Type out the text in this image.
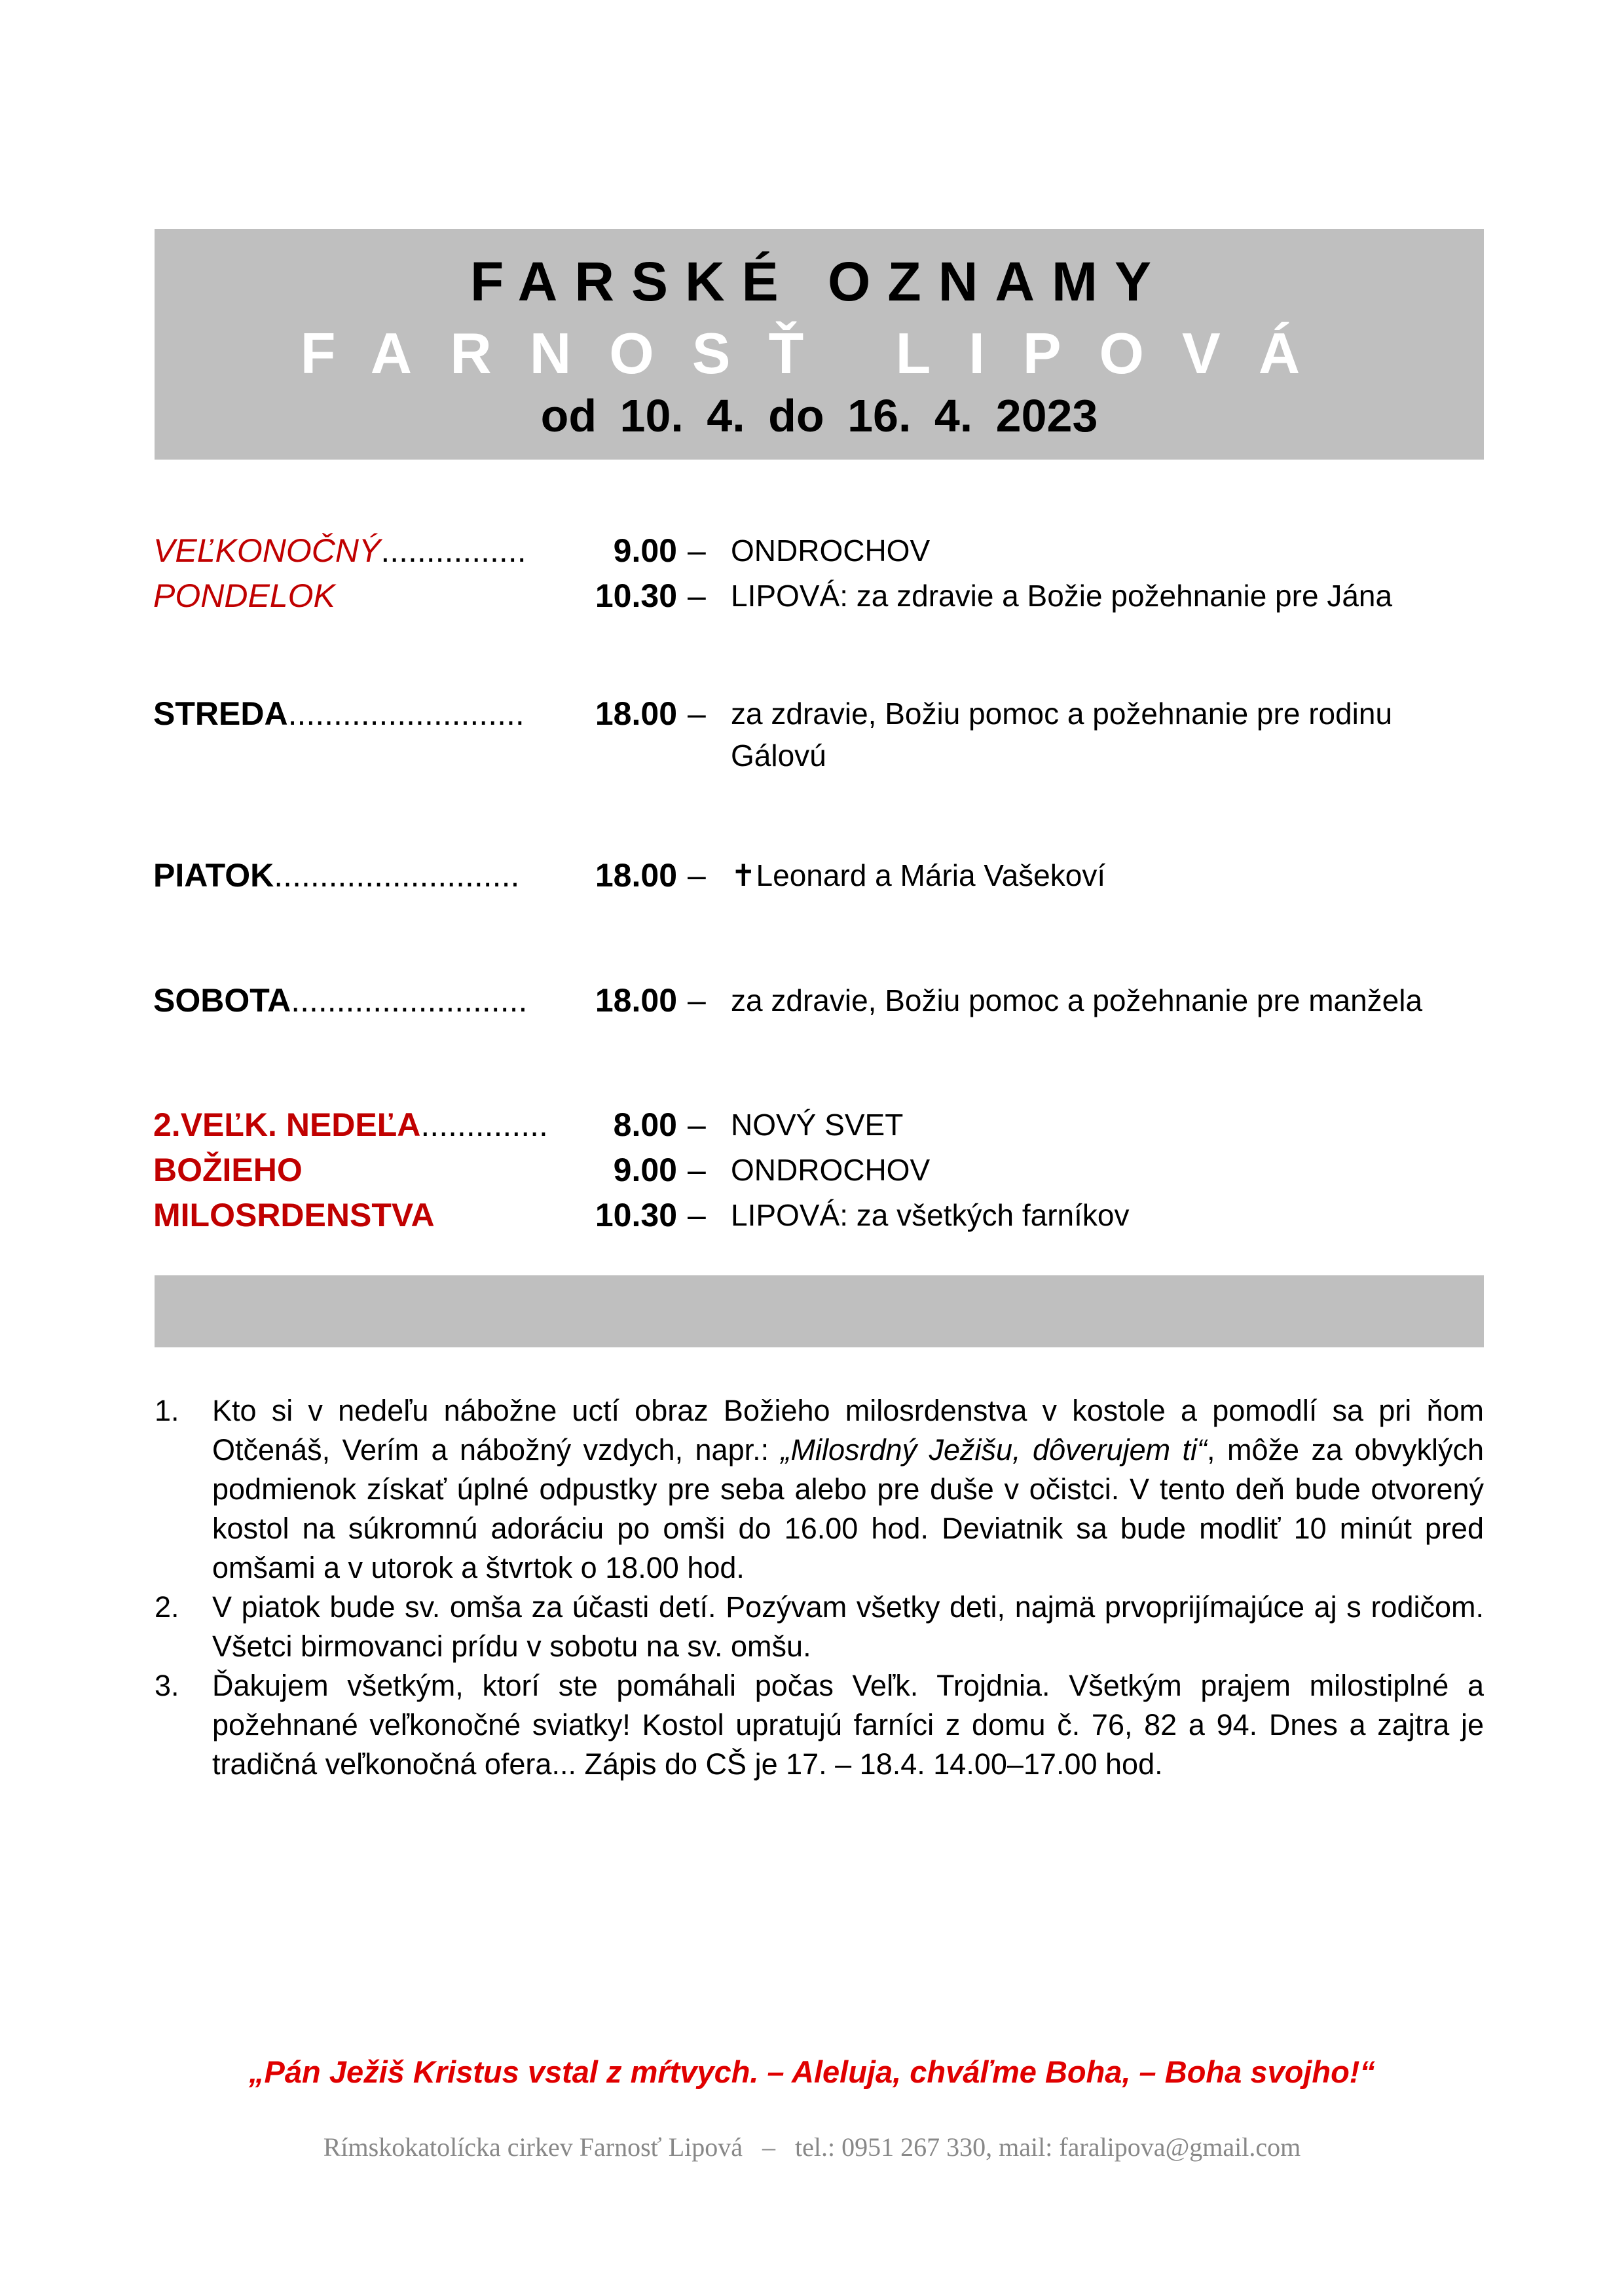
FARSKÉ OZNAMY
FARNOSŤ LIPOVÁ
od 10. 4. do 16. 4. 2023
VEĽKONOČNÝ................	9.00 – ONDROCHOV
PONDELOK	10.30 – LIPOVÁ: za zdravie a Božie požehnanie pre Jána
STREDA..........................	18.00 – za zdravie, Božiu pomoc a požehnanie pre rodinu Gálovú
PIATOK...........................	18.00 – ✝Leonard a Mária Vašekoví
SOBOTA..........................	18.00 – za zdravie, Božiu pomoc a požehnanie pre manžela
2.VEĽK. NEDEĽA..............	8.00 – NOVÝ SVET
BOŽIEHO	9.00 – ONDROCHOV
MILOSRDENSTVA	10.30 – LIPOVÁ: za všetkých farníkov
1. Kto si v nedeľu nábožne uctí obraz Božieho milosrdenstva v kostole a pomodlí sa pri ňom Otčenáš, Verím a nábožný vzdych, napr.: „Milosrdný Ježišu, dôverujem ti“, môže za obvyklých podmienok získať úplné odpustky pre seba alebo pre duše v očistci. V tento deň bude otvorený kostol na súkromnú adoráciu po omši do 16.00 hod. Deviatnik sa bude modliť 10 minút pred omšami a v utorok a štvrtok o 18.00 hod.
2. V piatok bude sv. omša za účasti detí. Pozývam všetky deti, najmä prvoprijímajúce aj s rodičom. Všetci birmovanci prídu v sobotu na sv. omšu.
3. Ďakujem všetkým, ktorí ste pomáhali počas Veľk. Trojdnia. Všetkým prajem milostiplné a požehnané veľkonočné sviatky! Kostol upratujú farníci z domu č. 76, 82 a 94. Dnes a zajtra je tradičná veľkonočná ofera... Zápis do CŠ je 17. – 18.4. 14.00–17.00 hod.
„Pán Ježiš Kristus vstal z mŕtvych. – Aleluja, chváľme Boha, – Boha svojho!“
Rímskokatolícka cirkev Farnosť Lipová   –   tel.: 0951 267 330, mail: faralipova@gmail.com
